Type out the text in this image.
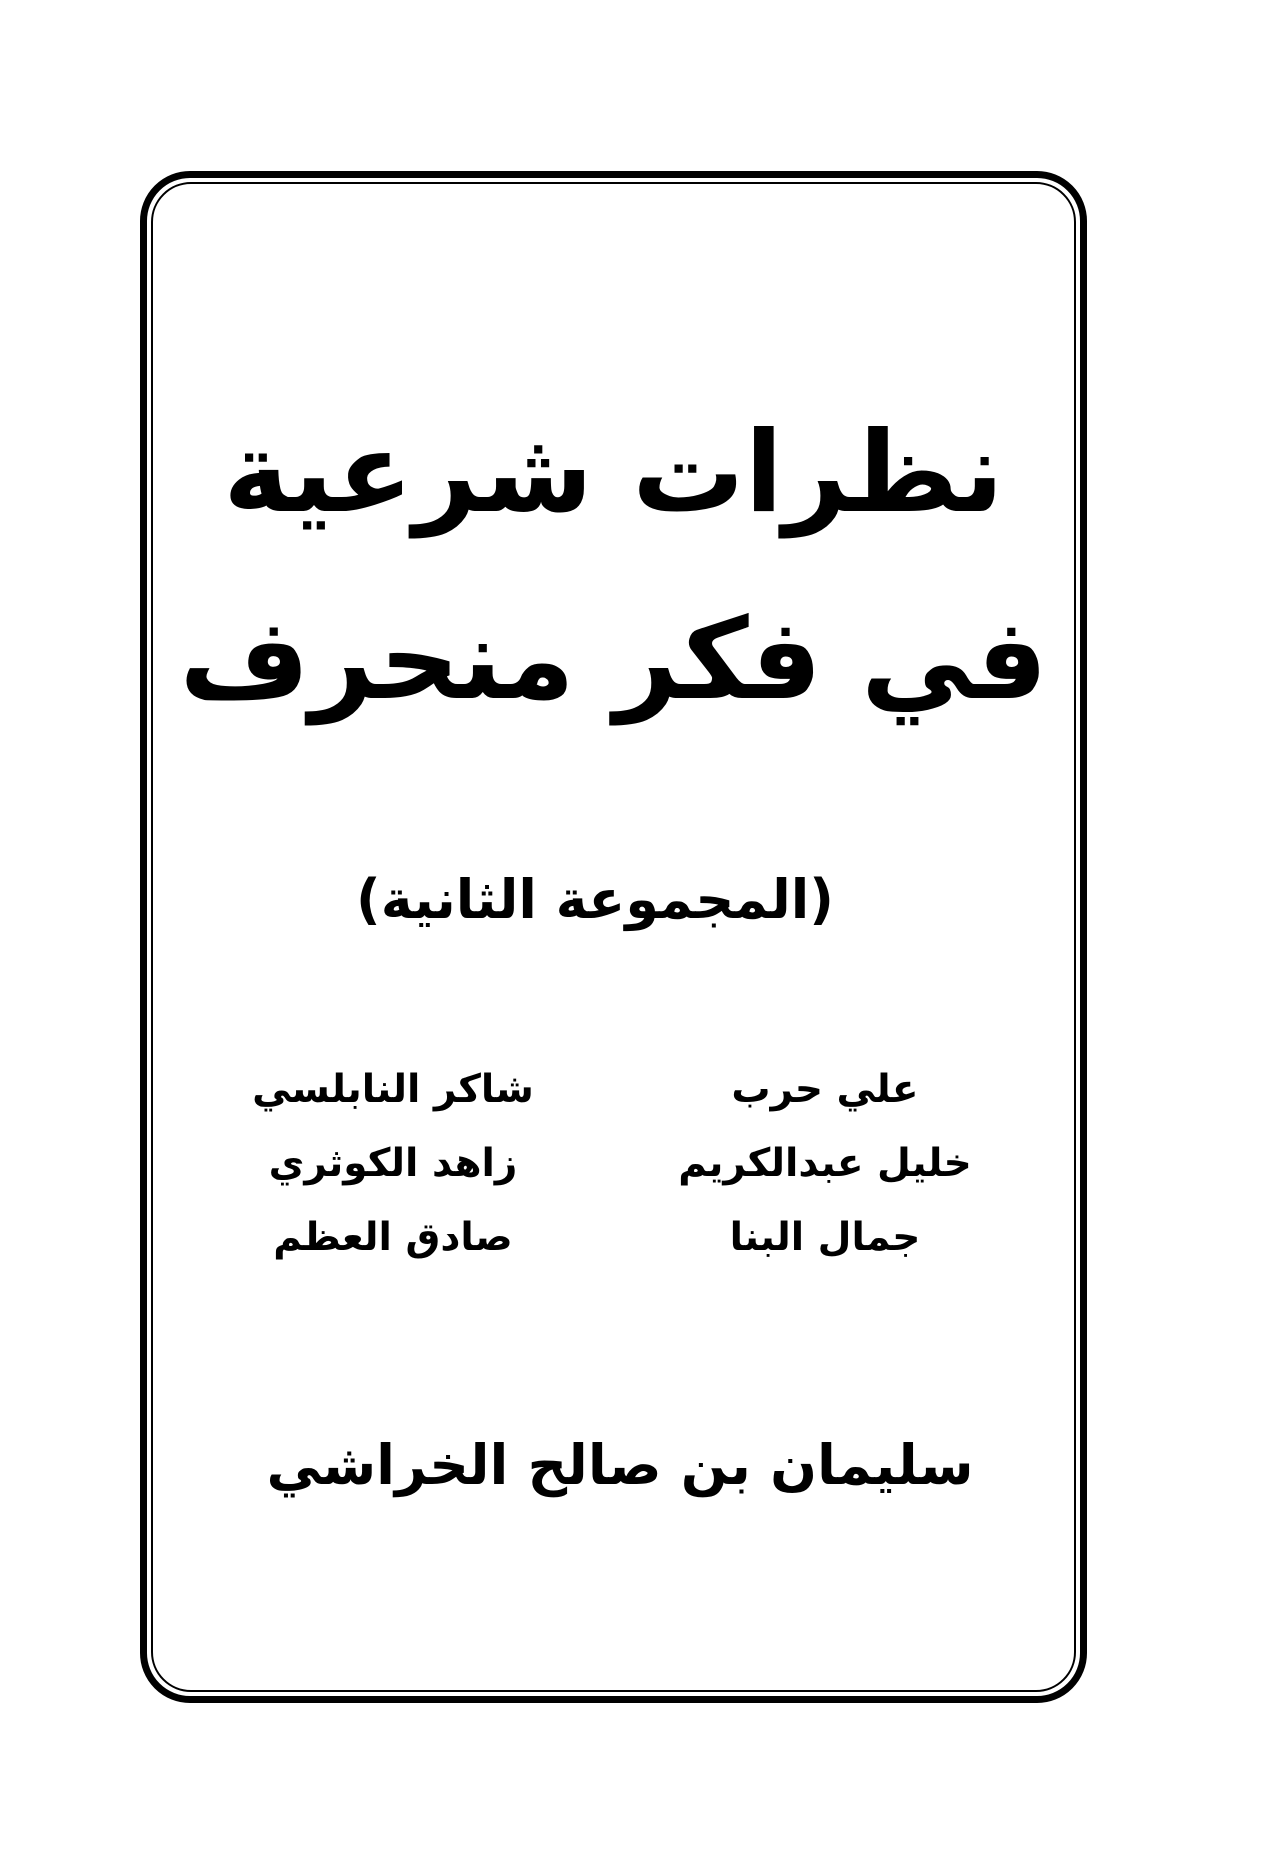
نظرات شرعية
في فكر منحرف
(المجموعة الثانية)
علي حرب
خليل عبدالكريم
جمال البنا
شاكر النابلسي
زاهد الكوثري
صادق العظم
سليمان بن صالح الخراشي
